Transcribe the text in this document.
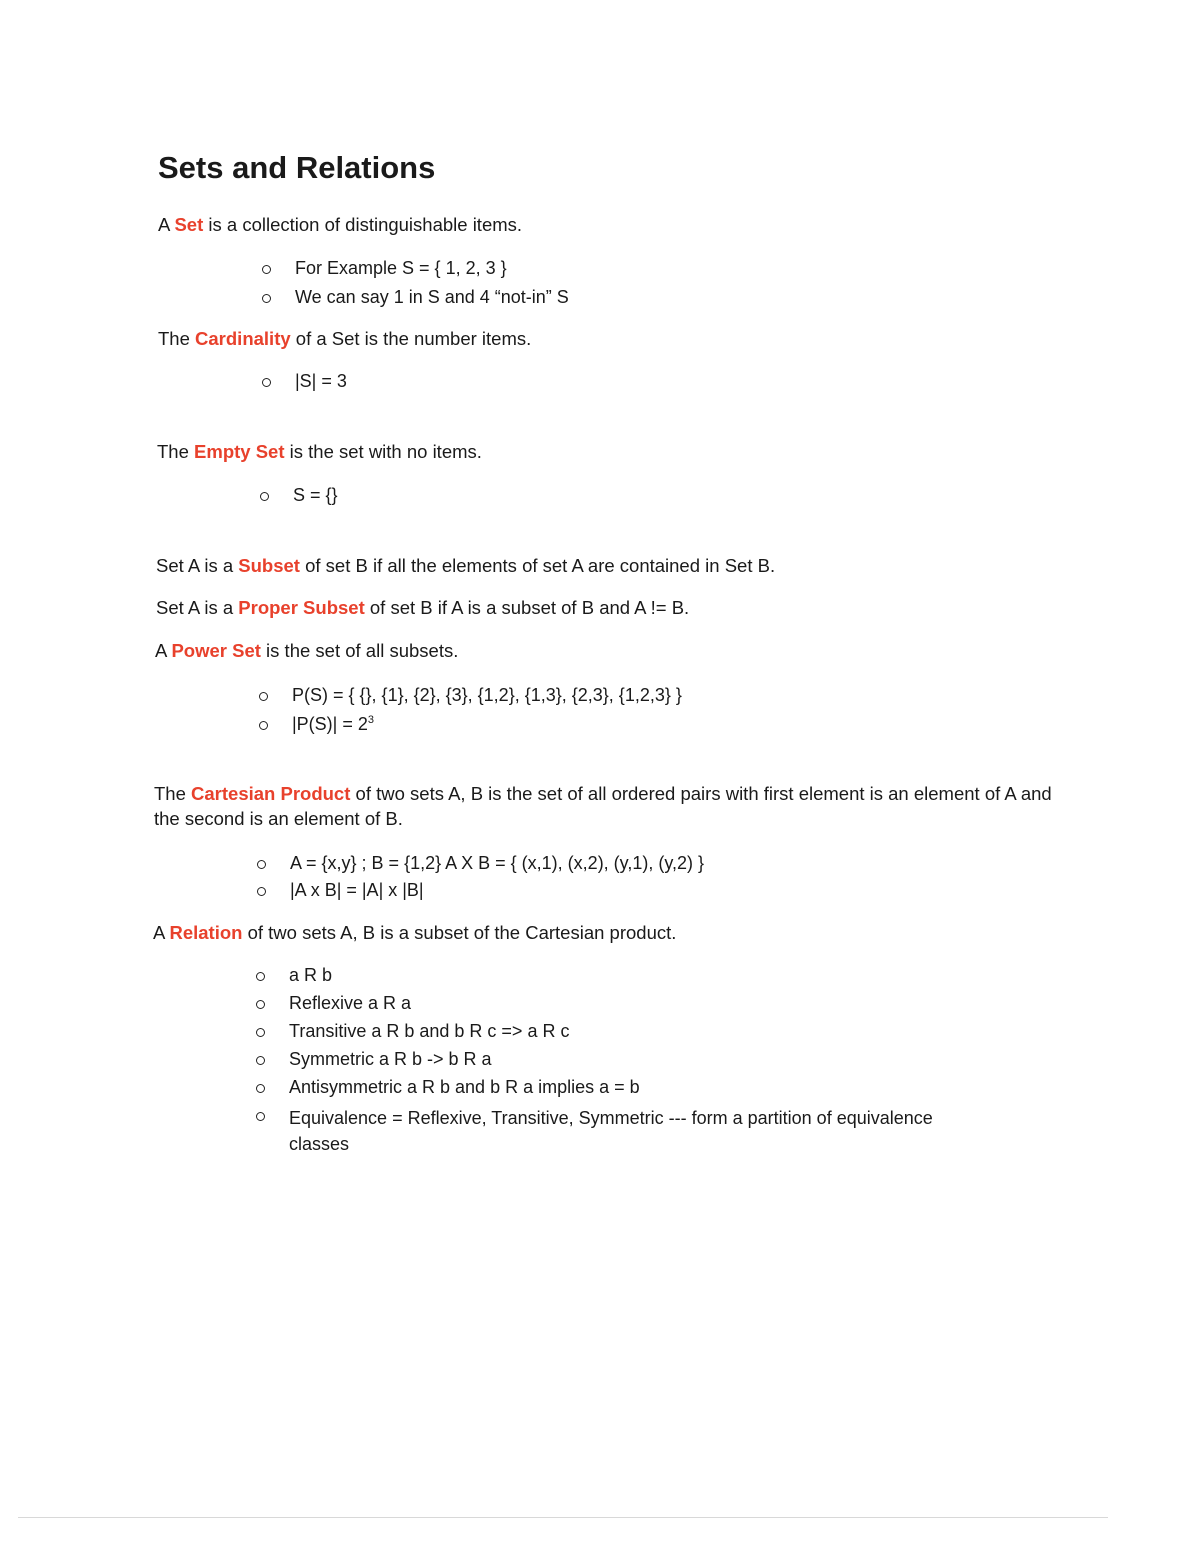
Sets and Relations

A Set is a collection of distinguishable items.

For Example S = { 1, 2, 3 }
We can say 1 in S and 4 “not-in” S

The Cardinality of a Set is the number items.

|S| = 3

The Empty Set is the set with no items.

S = {}

Set A is a Subset of set B if all the elements of set A are contained in Set B.

Set A is a Proper Subset of set B if A is a subset of B and A != B.

A Power Set is the set of all subsets.

P(S) = { {}, {1}, {2}, {3}, {1,2}, {1,3}, {2,3}, {1,2,3} }
$|P(S)| = 2^3$

The Cartesian Product of two sets A, B is the set of all ordered pairs with first element is an element of A and the second is an element of B.

A = {x,y} ; B = {1,2} A X B = { (x,1), (x,2), (y,1), (y,2) }
|A x B| = |A| x |B|

A Relation of two sets A, B is a subset of the Cartesian product.

a R b
Reflexive a R a
Transitive a R b and b R c => a R c
Symmetric a R b -> b R a
Antisymmetric a R b and b R a implies a = b
Equivalence = Reflexive, Transitive, Symmetric --- form a partition of equivalence classes
